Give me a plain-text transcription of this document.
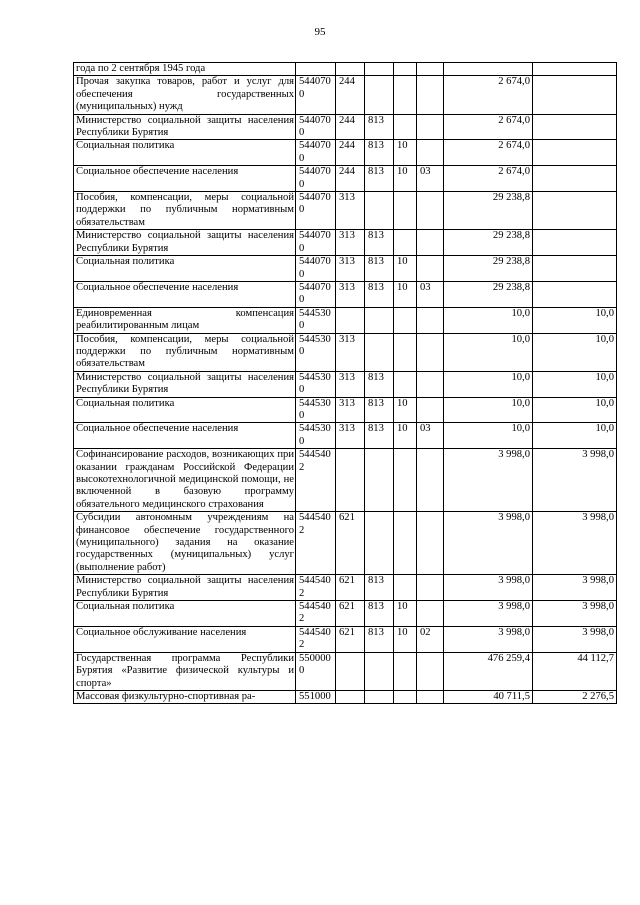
95
года по 2 сентября 1945 года							
Прочая закупка товаров, работ и услуг для обеспечения государственных (муниципальных) нужд	5440700	244				2 674,0	
Министерство социальной защиты населения Республики Бурятия	5440700	244	813			2 674,0	
Социальная политика	5440700	244	813	10		2 674,0	
Социальное обеспечение населения	5440700	244	813	10	03	2 674,0	
Пособия, компенсации, меры социальной поддержки по публичным нормативным обязательствам	5440700	313				29 238,8	
Министерство социальной защиты населения Республики Бурятия	5440700	313	813			29 238,8	
Социальная политика	5440700	313	813	10		29 238,8	
Социальное обеспечение населения	5440700	313	813	10	03	29 238,8	
Единовременная компенсация реабилитированным лицам	5445300					10,0	10,0
Пособия, компенсации, меры социальной поддержки по публичным нормативным обязательствам	5445300	313				10,0	10,0
Министерство социальной защиты населения Республики Бурятия	5445300	313	813			10,0	10,0
Социальная политика	5445300	313	813	10		10,0	10,0
Социальное обеспечение населения	5445300	313	813	10	03	10,0	10,0
Софинансирование расходов, возникающих при оказании гражданам Российской Федерации высокотехнологичной медицинской помощи, не включенной в базовую программу обязательного медицинского страхования	5445402					3 998,0	3 998,0
Субсидии автономным учреждениям на финансовое обеспечение государственного (муниципального) задания на оказание государственных (муниципальных) услуг (выполнение работ)	5445402	621				3 998,0	3 998,0
Министерство социальной защиты населения Республики Бурятия	5445402	621	813			3 998,0	3 998,0
Социальная политика	5445402	621	813	10		3 998,0	3 998,0
Социальное обслуживание населения	5445402	621	813	10	02	3 998,0	3 998,0
Государственная программа Республики Бурятия «Развитие физической культуры и спорта»	5500000					476 259,4	44 112,7
Массовая физкультурно-спортивная ра-	551000					40 711,5	2 276,5
